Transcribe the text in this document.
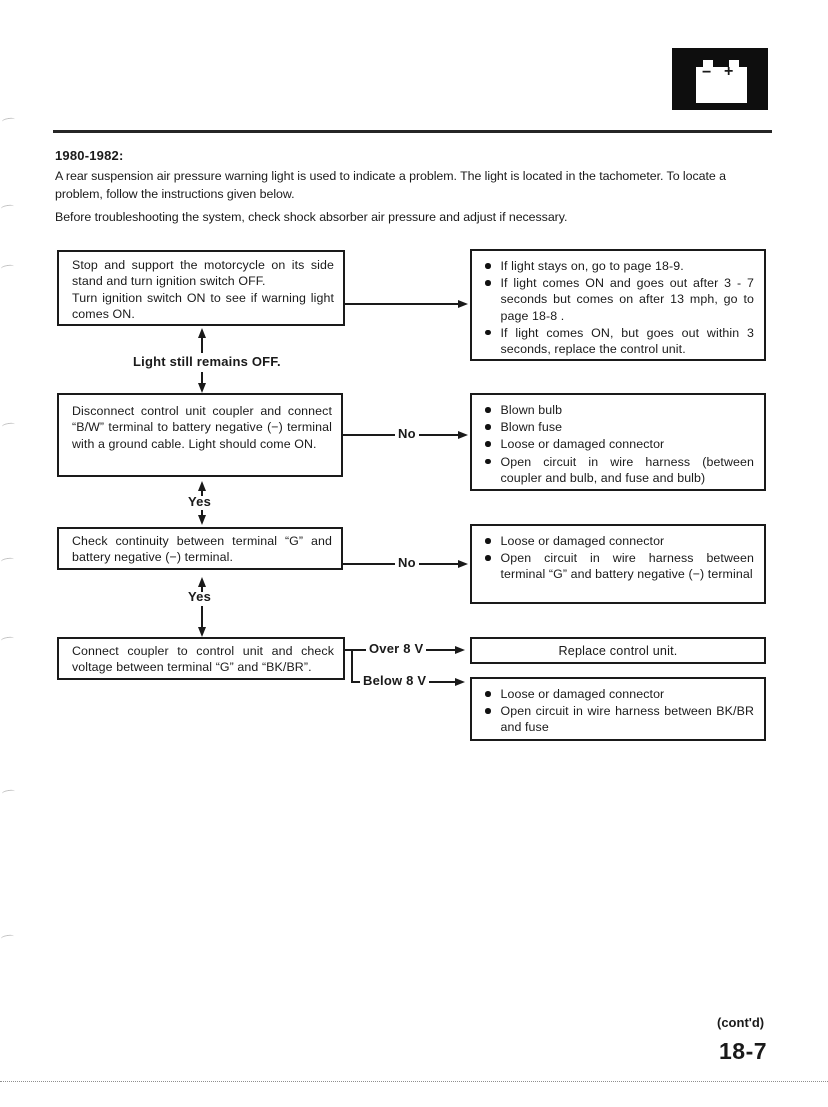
− +
1980-1982:
A rear suspension air pressure warning light is used to indicate a problem. The light is located in the tachometer. To locate a
problem, follow the instructions given below.
Before troubleshooting the system, check shock absorber air pressure and adjust if necessary.

Stop and support the motorcycle on its side stand and turn ignition switch OFF.

Turn ignition switch ON to see if warning light comes ON.

If light stays on, go to page 18-9.
If light comes ON and goes out after 3 - 7 seconds but comes on after 13 mph, go to page 18-8 .
If light comes ON, but goes out within 3 seconds, replace the control unit.
Light still remains OFF.

Disconnect control unit coupler and connect “B/W” terminal to battery negative (−) terminal with a ground cable. Light should come ON.

No
Blown bulb
Blown fuse
Loose or damaged connector
Open circuit in wire harness (between coupler and bulb, and fuse and bulb)
Yes

Check continuity between terminal “G” and battery negative (−) terminal.	No
Loose or damaged connector
Open circuit in wire harness between terminal “G” and battery negative (−) terminal
Yes

Connect coupler to control unit and check voltage between terminal “G” and “BK/BR”.

Over 8 V	Replace control unit.
Below 8 V
Loose or damaged connector
Open circuit in wire harness between BK/BR and fuse
(cont'd)
18-7
